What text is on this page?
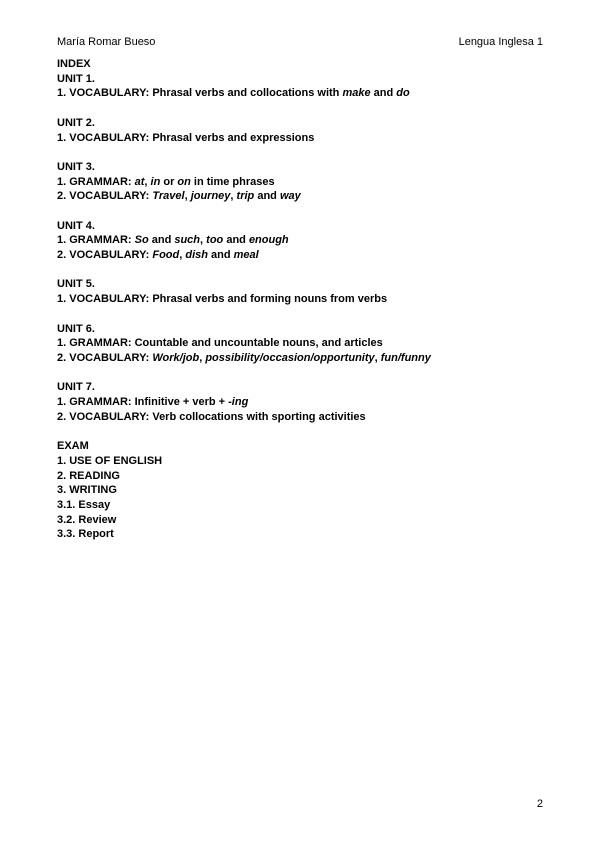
María Romar Bueso	Lengua Inglesa 1
INDEX
UNIT 1.
1. VOCABULARY: Phrasal verbs and collocations with make and do
UNIT 2.
1. VOCABULARY: Phrasal verbs and expressions
UNIT 3.
1. GRAMMAR: at, in or on in time phrases
2. VOCABULARY: Travel, journey, trip and way
UNIT 4.
1. GRAMMAR: So and such, too and enough
2. VOCABULARY: Food, dish and meal
UNIT 5.
1. VOCABULARY: Phrasal verbs and forming nouns from verbs
UNIT 6.
1. GRAMMAR: Countable and uncountable nouns, and articles
2. VOCABULARY: Work/job, possibility/occasion/opportunity, fun/funny
UNIT 7.
1. GRAMMAR: Infinitive + verb + -ing
2. VOCABULARY: Verb collocations with sporting activities
EXAM
1. USE OF ENGLISH
2. READING
3. WRITING
3.1. Essay
3.2. Review
3.3. Report
2
